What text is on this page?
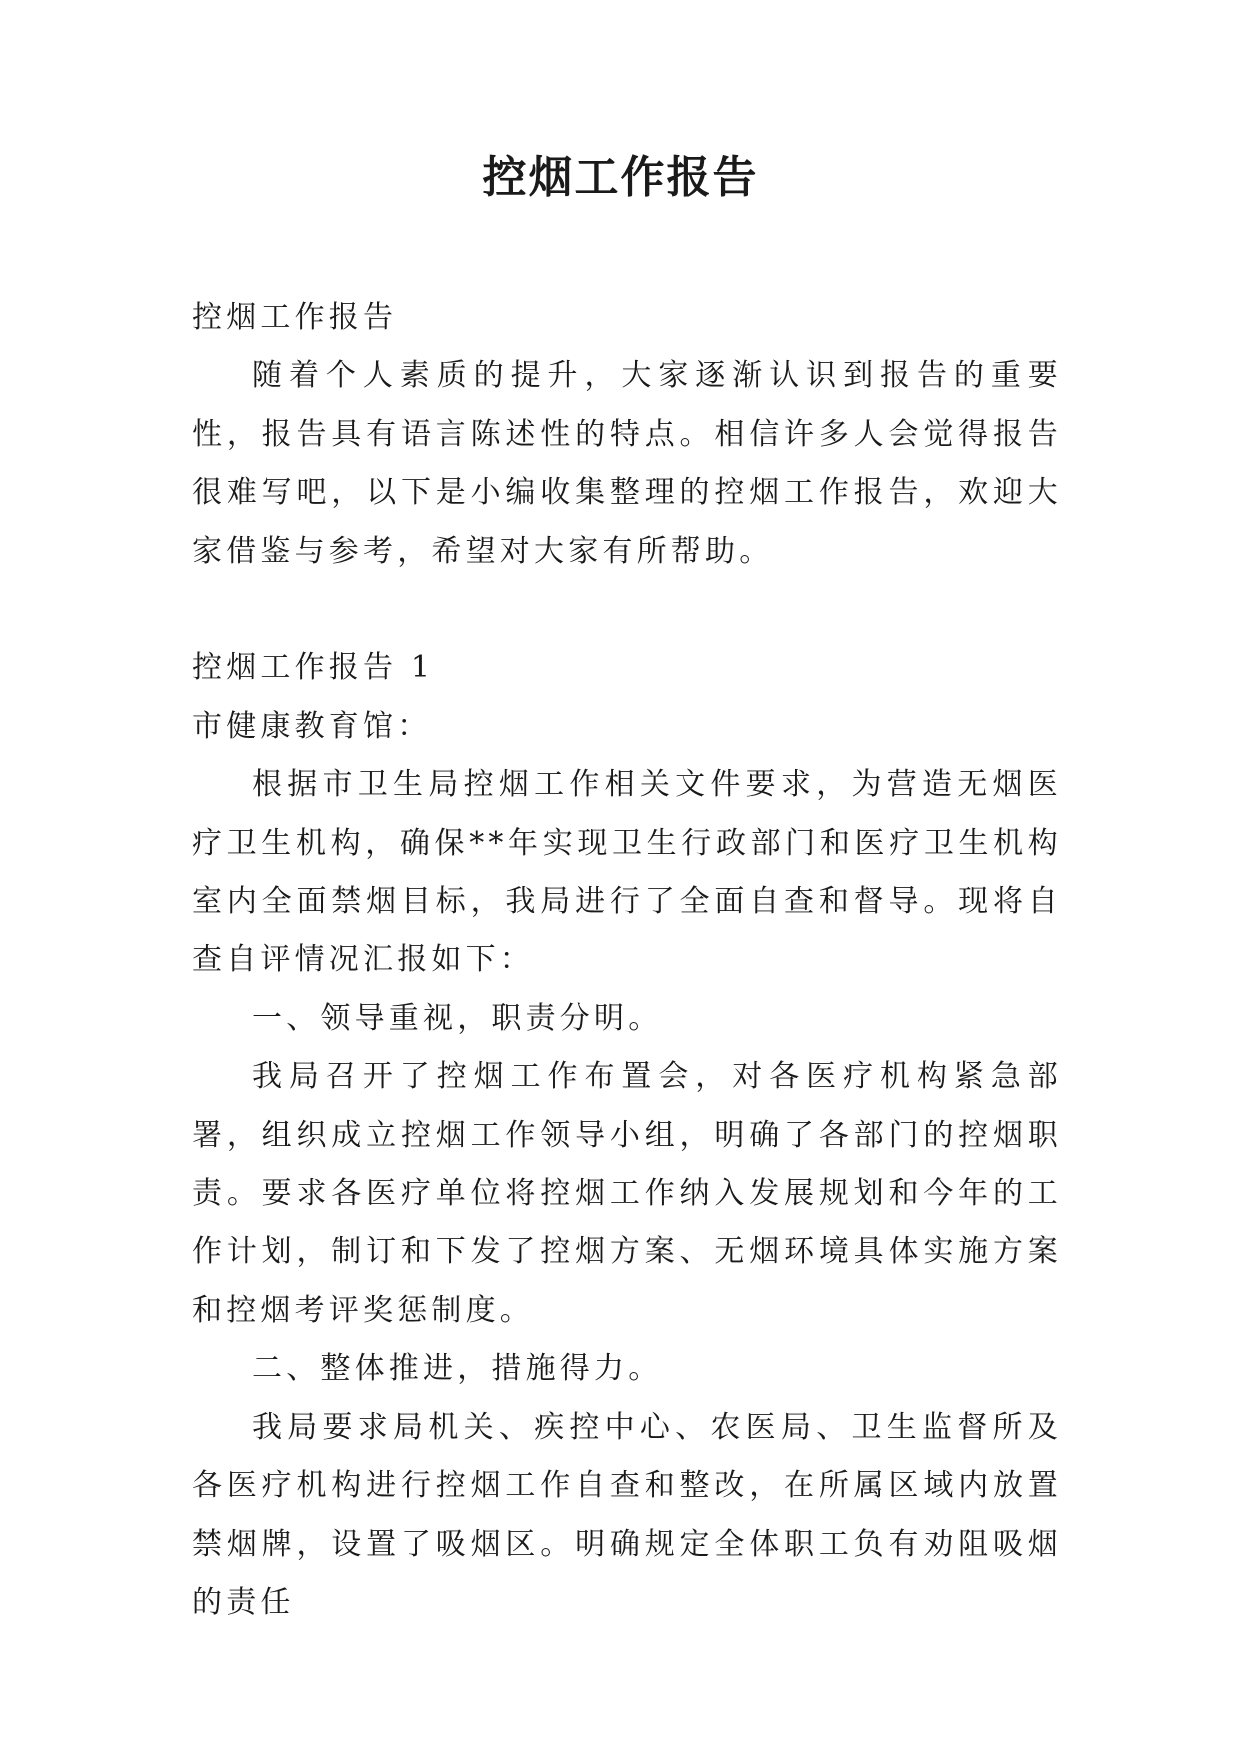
控烟工作报告

控烟工作报告

随着个人素质的提升，大家逐渐认识到报告的重要性，报告具有语言陈述性的特点。相信许多人会觉得报告很难写吧，以下是小编收集整理的控烟工作报告，欢迎大家借鉴与参考，希望对大家有所帮助。

控烟工作报告 1

市健康教育馆：

根据市卫生局控烟工作相关文件要求，为营造无烟医疗卫生机构，确保**年实现卫生行政部门和医疗卫生机构室内全面禁烟目标，我局进行了全面自查和督导。现将自查自评情况汇报如下：

一、领导重视，职责分明。

我局召开了控烟工作布置会，对各医疗机构紧急部署，组织成立控烟工作领导小组，明确了各部门的控烟职责。要求各医疗单位将控烟工作纳入发展规划和今年的工作计划，制订和下发了控烟方案、无烟环境具体实施方案和控烟考评奖惩制度。

二、整体推进，措施得力。

我局要求局机关、疾控中心、农医局、卫生监督所及各医疗机构进行控烟工作自查和整改，在所属区域内放置禁烟牌，设置了吸烟区。明确规定全体职工负有劝阻吸烟的责任
